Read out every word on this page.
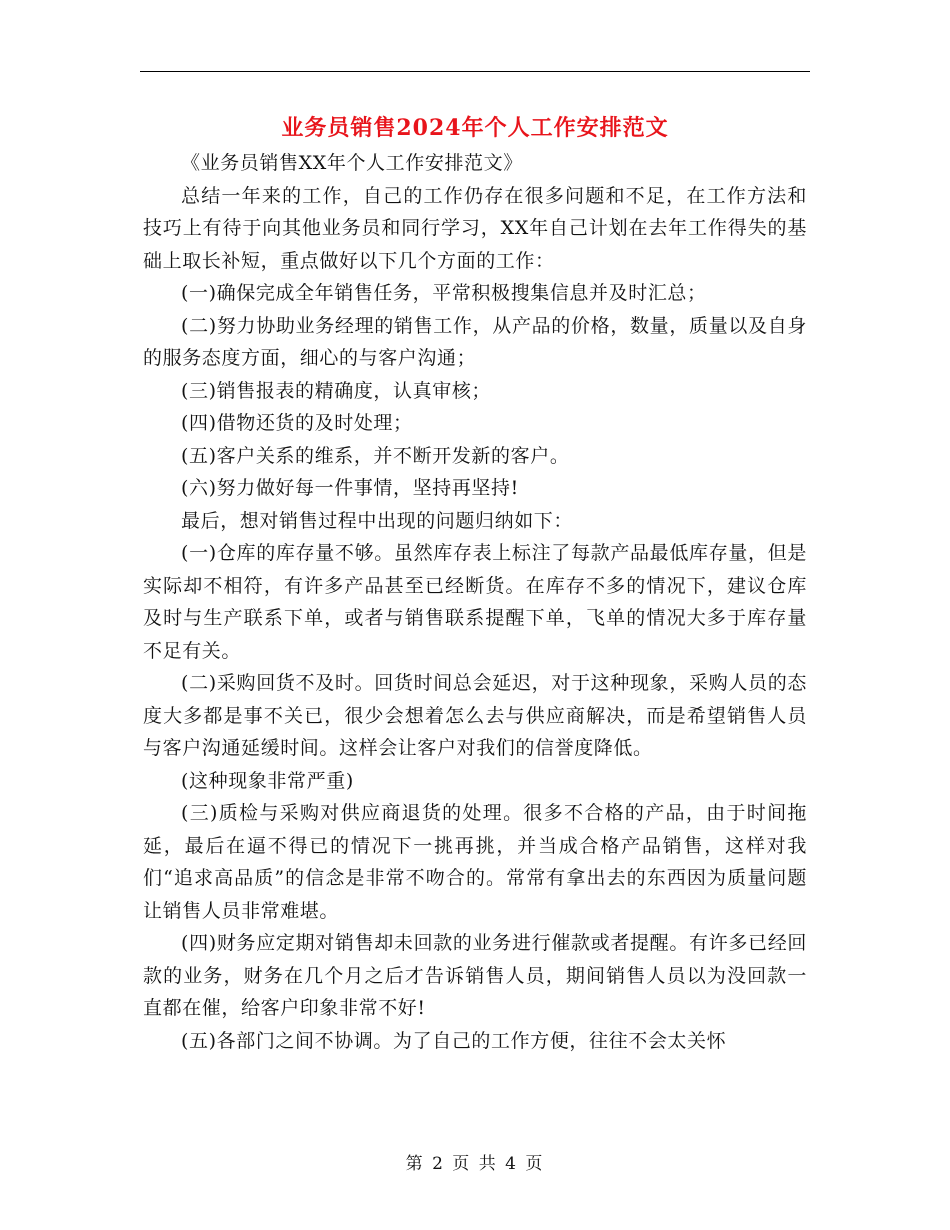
业务员销售2024年个人工作安排范文

《业务员销售XX年个人工作安排范文》

总结一年来的工作，自己的工作仍存在很多问题和不足，在工作方法和技巧上有待于向其他业务员和同行学习，XX年自己计划在去年工作得失的基础上取长补短，重点做好以下几个方面的工作：

(一)确保完成全年销售任务，平常积极搜集信息并及时汇总；

(二)努力协助业务经理的销售工作，从产品的价格，数量，质量以及自身的服务态度方面，细心的与客户沟通；

(三)销售报表的精确度，认真审核；

(四)借物还货的及时处理；

(五)客户关系的维系，并不断开发新的客户。

(六)努力做好每一件事情，坚持再坚持!

最后，想对销售过程中出现的问题归纳如下：

(一)仓库的库存量不够。虽然库存表上标注了每款产品最低库存量，但是实际却不相符，有许多产品甚至已经断货。在库存不多的情况下，建议仓库及时与生产联系下单，或者与销售联系提醒下单，飞单的情况大多于库存量不足有关。

(二)采购回货不及时。回货时间总会延迟，对于这种现象，采购人员的态度大多都是事不关已，很少会想着怎么去与供应商解决，而是希望销售人员与客户沟通延缓时间。这样会让客户对我们的信誉度降低。

(这种现象非常严重)

(三)质检与采购对供应商退货的处理。很多不合格的产品，由于时间拖延，最后在逼不得已的情况下一挑再挑，并当成合格产品销售，这样对我们“追求高品质”的信念是非常不吻合的。常常有拿出去的东西因为质量问题让销售人员非常难堪。

(四)财务应定期对销售却未回款的业务进行催款或者提醒。有许多已经回款的业务，财务在几个月之后才告诉销售人员，期间销售人员以为没回款一直都在催，给客户印象非常不好!

(五)各部门之间不协调。为了自己的工作方便，往往不会太关怀

第 2 页 共 4 页
